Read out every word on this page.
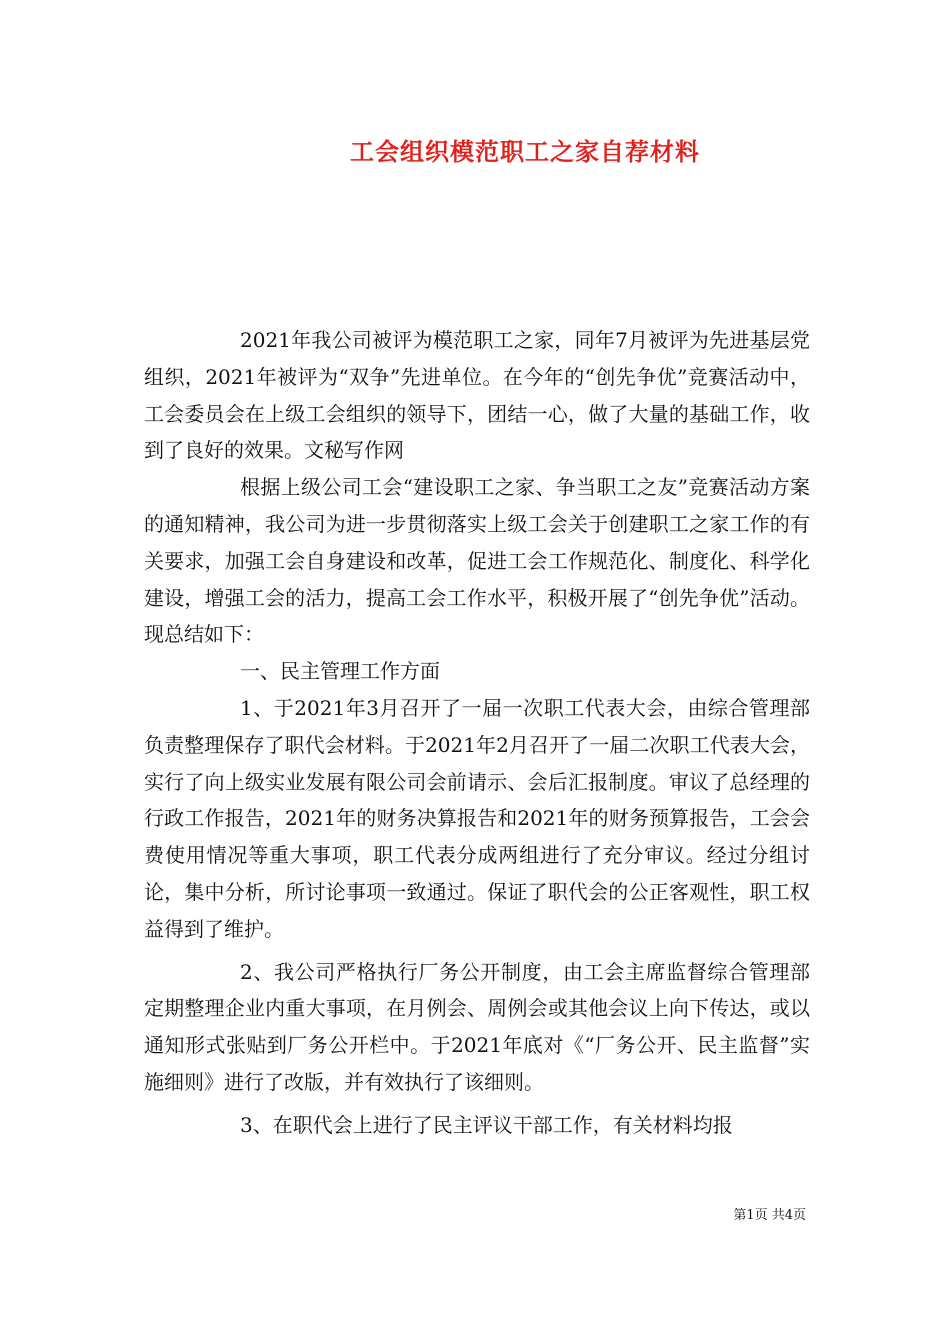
工会组织模范职工之家自荐材料

2021年我公司被评为模范职工之家，同年7月被评为先进基层党组织，2021年被评为“双争”先进单位。在今年的“创先争优”竞赛活动中，工会委员会在上级工会组织的领导下，团结一心，做了大量的基础工作，收到了良好的效果。文秘写作网

根据上级公司工会“建设职工之家、争当职工之友”竞赛活动方案的通知精神，我公司为进一步贯彻落实上级工会关于创建职工之家工作的有关要求，加强工会自身建设和改革，促进工会工作规范化、制度化、科学化建设，增强工会的活力，提高工会工作水平，积极开展了“创先争优”活动。现总结如下：

一、民主管理工作方面

1、于2021年3月召开了一届一次职工代表大会，由综合管理部负责整理保存了职代会材料。于2021年2月召开了一届二次职工代表大会，实行了向上级实业发展有限公司会前请示、会后汇报制度。审议了总经理的行政工作报告，2021年的财务决算报告和2021年的财务预算报告，工会会费使用情况等重大事项，职工代表分成两组进行了充分审议。经过分组讨论，集中分析，所讨论事项一致通过。保证了职代会的公正客观性，职工权益得到了维护。

2、我公司严格执行厂务公开制度，由工会主席监督综合管理部定期整理企业内重大事项，在月例会、周例会或其他会议上向下传达，或以通知形式张贴到厂务公开栏中。于2021年底对《“厂务公开、民主监督”实施细则》进行了改版，并有效执行了该细则。

3、在职代会上进行了民主评议干部工作，有关材料均报

第1页 共4页
